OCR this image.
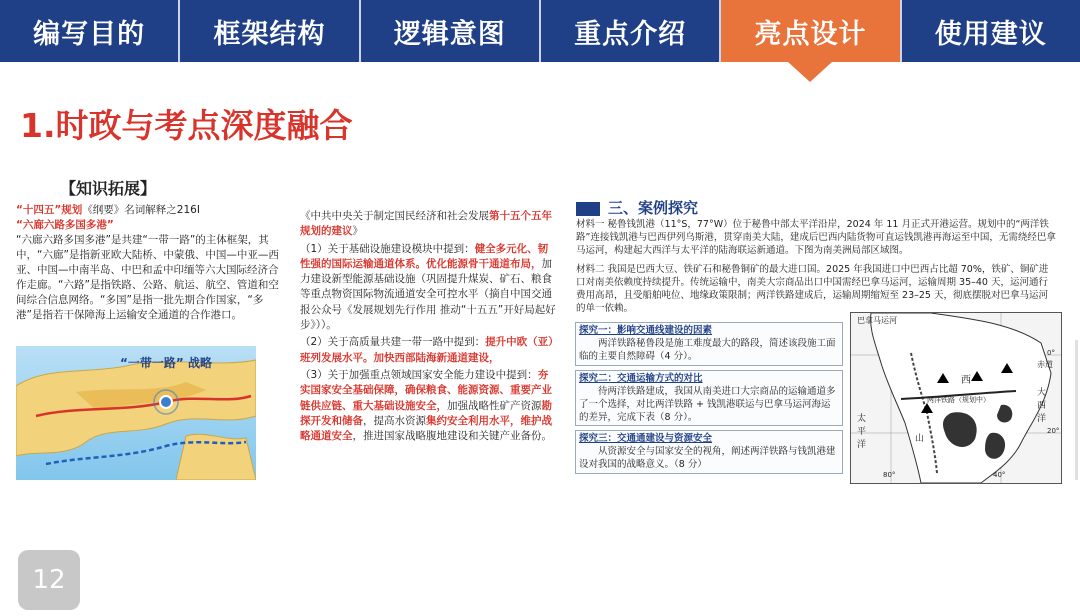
编写目的	框架结构	逻辑意图	重点介绍	亮点设计	使用建议
1.时政与考点深度融合
【知识拓展】
“十四五”规划《纲要》名词解释之216I
“六廊六路多国多港”
“六廊六路多国多港”是共建“一带一路”的主体框架，其中，“六廊”是指新亚欧大陆桥、中蒙俄、中国—中亚—西亚、中国—中南半岛、中巴和孟中印缅等六大国际经济合作走廊。“六路”是指铁路、公路、航运、航空、管道和空间综合信息网络。“多国”是指一批先期合作国家，“多港”是指若干保障海上运输安全通道的合作港口。
“一带一路” 战略
《中共中央关于制定国民经济和社会发展第十五个五年规划的建议》
（1）关于基础设施建设模块中提到：健全多元化、韧性强的国际运输通道体系。优化能源骨干通道布局，加力建设新型能源基础设施（巩固提升煤炭、矿石、粮食等重点物资国际物流通道安全可控水平（摘自中国交通报公众号《发展规划先行作用 推动“十五五”开好局起好步》））。
（2）关于高质量共建一带一路中提到：提升中欧（亚）班列发展水平。加快西部陆海新通道建设，
（3）关于加强重点领域国家安全能力建设中提到：夯实国家安全基础保障，确保粮食、能源资源、重要产业链供应链、重大基础设施安全，加强战略性矿产资源勘探开发和储备，提高水资源集约安全利用水平，维护战略通道安全，推进国家战略腹地建设和关键产业备份。
三、案例探究
材料一 秘鲁钱凯港（11°S，77°W）位于秘鲁中部太平洋沿岸，2024 年 11 月正式开港运营。规划中的“两洋铁路”连接钱凯港与巴西伊列乌斯港，贯穿南美大陆，建成后巴西内陆货物可直运钱凯港再海运至中国，无需绕经巴拿马运河，构建起大西洋与太平洋的陆海联运新通道。下图为南美洲局部区域图。
材料二 我国是巴西大豆、铁矿石和秘鲁铜矿的最大进口国。2025 年我国进口中巴西占比超 70%，铁矿、铜矿进口对南美依赖度持续提升。传统运输中，南美大宗商品出口中国需经巴拿马运河，运输周期 35–40 天，运河通行费用高昂，且受船舶吨位、地缘政策限制；两洋铁路建成后，运输周期缩短至 23–25 天，彻底摆脱对巴拿马运河的单一依赖。
探究一：影响交通线建设的因素
两洋铁路秘鲁段是施工难度最大的路段，简述该段施工面临的主要自然障碍（4 分）。
探究二：交通运输方式的对比
待两洋铁路建成，我国从南美进口大宗商品的运输通道多了一个选择，对比两洋铁路 + 钱凯港联运与巴拿马运河海运的差异，完成下表（8 分）。
探究三：交通通建设与资源安全
从资源安全与国家安全的视角，阐述两洋铁路与钱凯港建设对我国的战略意义。（8 分）
巴拿马运河
西
两洋铁路（规划中）
0°
20°
80°	40°
太平洋
大西洋
山
赤道
12
